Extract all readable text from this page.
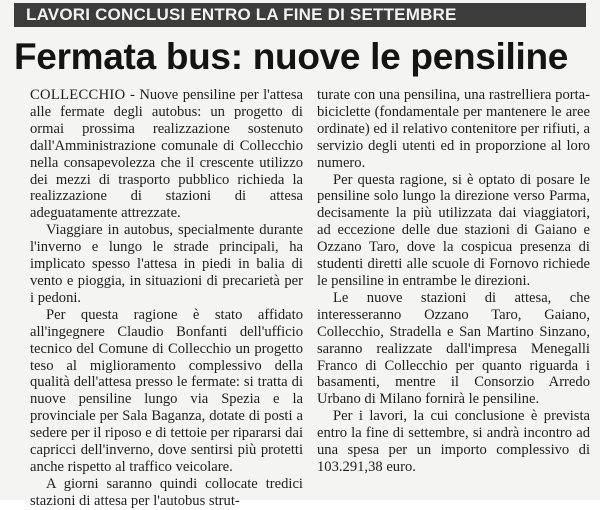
LAVORI CONCLUSI ENTRO LA FINE DI SETTEMBRE
Fermata bus: nuove le pensiline

COLLECCHIO - Nuove pensiline per l'attesa alle fermate degli autobus: un progetto di ormai prossima realizzazione sostenuto dall'Amministrazione comunale di Collecchio nella consapevolezza che il crescente utilizzo dei mezzi di trasporto pubblico richieda la realizzazione di stazioni di attesa adeguatamente attrezzate.

Viaggiare in autobus, specialmente durante l'inverno e lungo le strade principali, ha implicato spesso l'attesa in piedi in balia di vento e pioggia, in situazioni di precarietà per i pedoni.

Per questa ragione è stato affidato all'ingegnere Claudio Bonfanti dell'ufficio tecnico del Comune di Collecchio un progetto teso al miglioramento complessivo della qualità dell'attesa presso le fermate: si tratta di nuove pensiline lungo via Spezia e la provinciale per Sala Baganza, dotate di posti a sedere per il riposo e di tettoie per ripararsi dai capricci dell'inverno, dove sentirsi più protetti anche rispetto al traffico veicolare.

A giorni saranno quindi collocate tredici stazioni di attesa per l'autobus strut-

turate con una pensilina, una rastrelliera porta-biciclette (fondamentale per mantenere le aree ordinate) ed il relativo contenitore per rifiuti, a servizio degli utenti ed in proporzione al loro numero.

Per questa ragione, si è optato di posare le pensiline solo lungo la direzione verso Parma, decisamente la più utilizzata dai viaggiatori, ad eccezione delle due stazioni di Gaiano e Ozzano Taro, dove la cospicua presenza di studenti diretti alle scuole di Fornovo richiede le pensiline in entrambe le direzioni.

Le nuove stazioni di attesa, che interesseranno Ozzano Taro, Gaiano, Collecchio, Stradella e San Martino Sinzano, saranno realizzate dall'impresa Menegalli Franco di Collecchio per quanto riguarda i basamenti, mentre il Consorzio Arredo Urbano di Milano fornirà le pensiline.

Per i lavori, la cui conclusione è prevista entro la fine di settembre, si andrà incontro ad una spesa per un importo complessivo di 103.291,38 euro.
